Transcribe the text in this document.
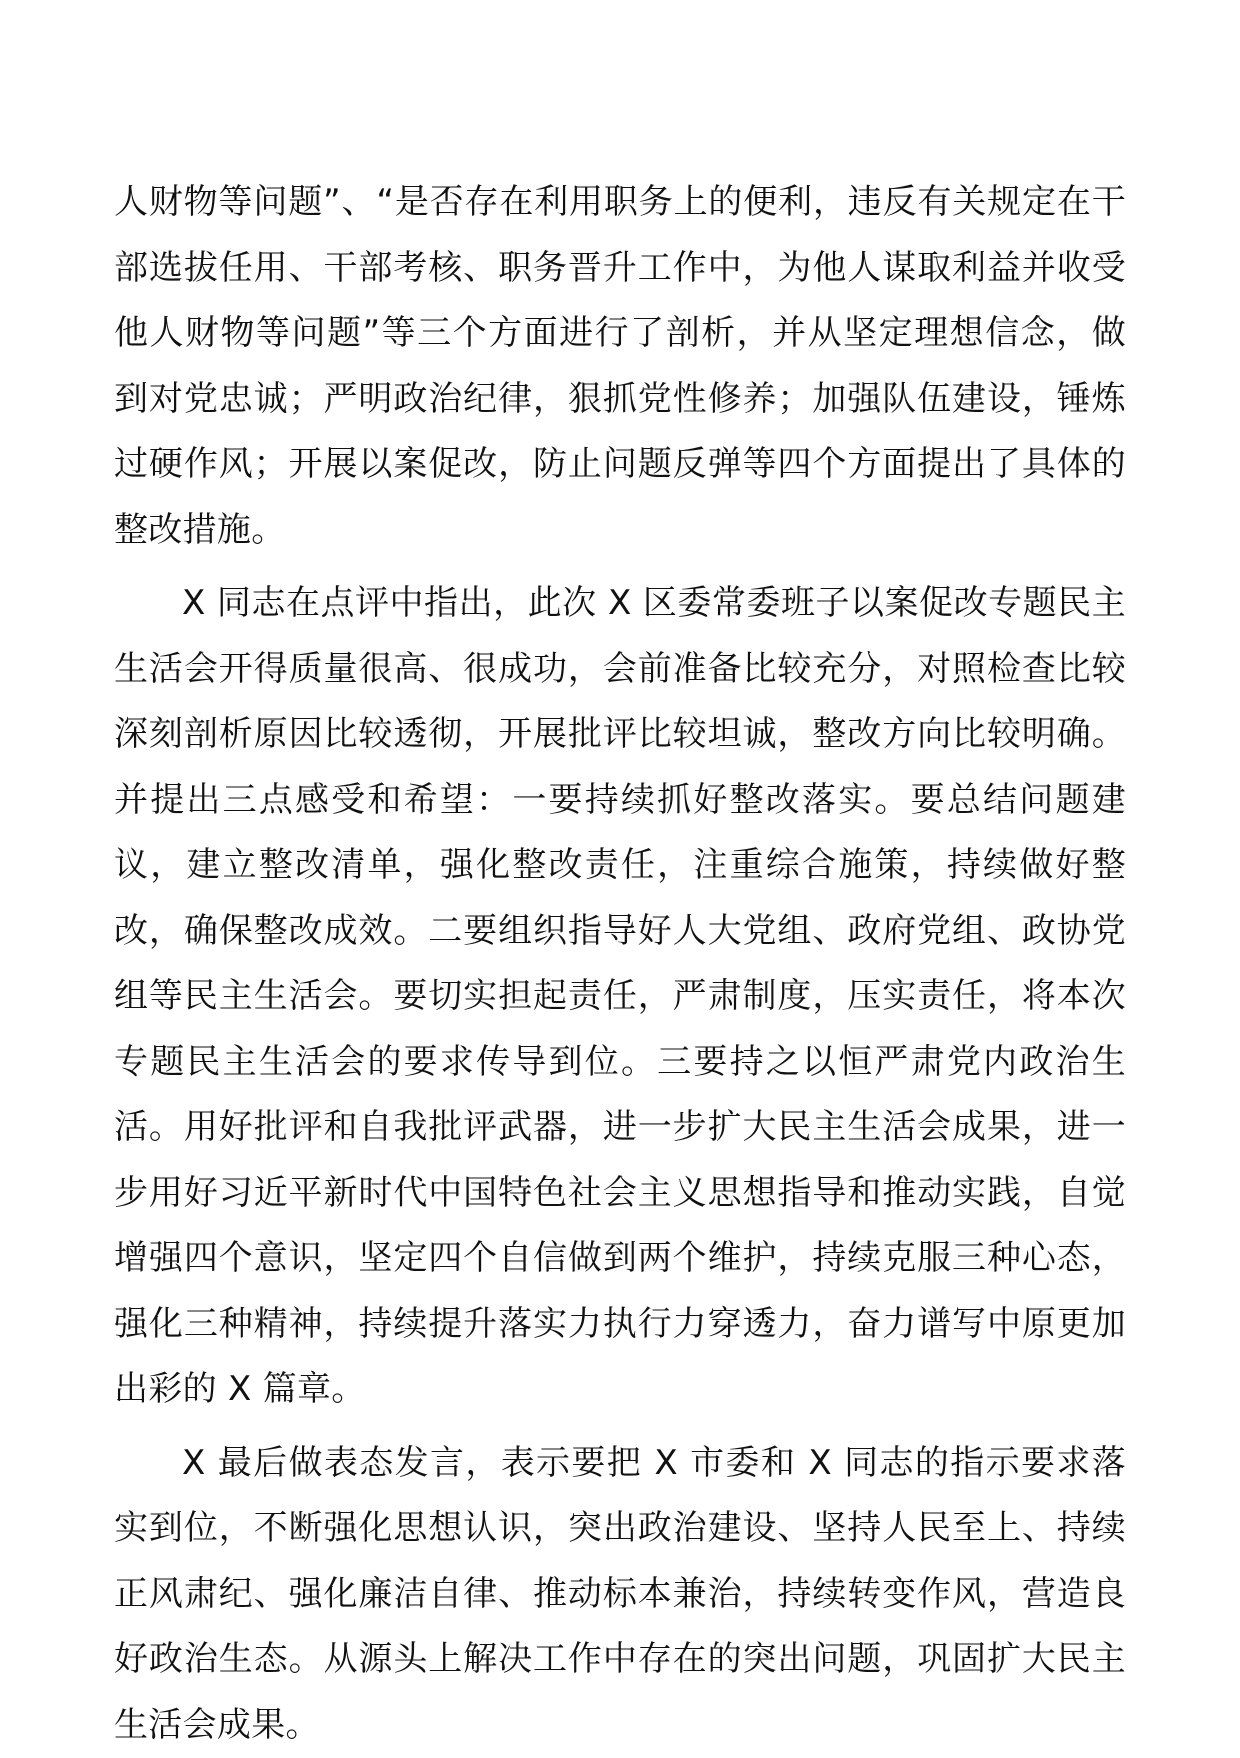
人财物等问题”、“是否存在利用职务上的便利，违反有关规定在干部选拔任用、干部考核、职务晋升工作中，为他人谋取利益并收受他人财物等问题”等三个方面进行了剖析，并从坚定理想信念，做到对党忠诚；严明政治纪律，狠抓党性修养；加强队伍建设，锤炼过硬作风；开展以案促改，防止问题反弹等四个方面提出了具体的整改措施。

X 同志在点评中指出，此次 X 区委常委班子以案促改专题民主生活会开得质量很高、很成功，会前准备比较充分，对照检查比较深刻剖析原因比较透彻，开展批评比较坦诚，整改方向比较明确。并提出三点感受和希望：一要持续抓好整改落实。要总结问题建议，建立整改清单，强化整改责任，注重综合施策，持续做好整改，确保整改成效。二要组织指导好人大党组、政府党组、政协党组等民主生活会。要切实担起责任，严肃制度，压实责任，将本次专题民主生活会的要求传导到位。三要持之以恒严肃党内政治生活。用好批评和自我批评武器，进一步扩大民主生活会成果，进一步用好习近平新时代中国特色社会主义思想指导和推动实践，自觉增强四个意识，坚定四个自信做到两个维护，持续克服三种心态，强化三种精神，持续提升落实力执行力穿透力，奋力谱写中原更加出彩的 X 篇章。

X 最后做表态发言，表示要把 X 市委和 X 同志的指示要求落实到位，不断强化思想认识，突出政治建设、坚持人民至上、持续正风肃纪、强化廉洁自律、推动标本兼治，持续转变作风，营造良好政治生态。从源头上解决工作中存在的突出问题，巩固扩大民主生活会成果。
